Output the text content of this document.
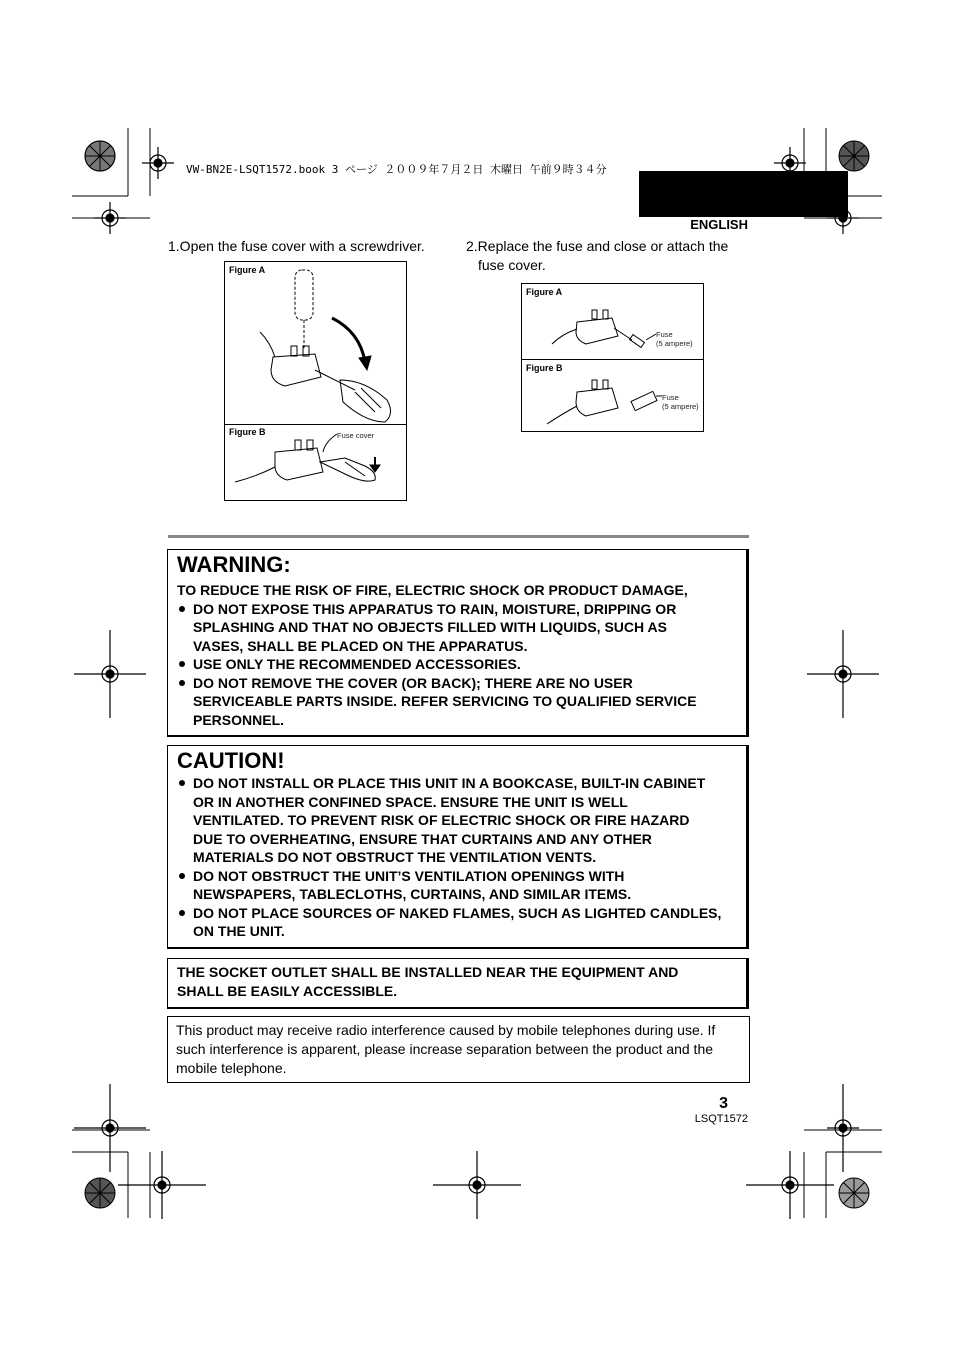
VW-BN2E-LSQT1572.book 3 ページ ２００９年７月２日 木曜日 午前９時３４分
ENGLISH
1.Open the fuse cover with a screwdriver.
Figure A
Figure B	Fuse cover
2.Replace the fuse and close or attach the
fuse cover.
Figure A
Figure B
Fuse
(5 ampere)
Fuse
(5 ampere)
WARNING:
TO REDUCE THE RISK OF FIRE, ELECTRIC SHOCK OR PRODUCT DAMAGE,
DO NOT EXPOSE THIS APPARATUS TO RAIN, MOISTURE, DRIPPING OR
SPLASHING AND THAT NO OBJECTS FILLED WITH LIQUIDS, SUCH AS
VASES, SHALL BE PLACED ON THE APPARATUS.
USE ONLY THE RECOMMENDED ACCESSORIES.
DO NOT REMOVE THE COVER (OR BACK); THERE ARE NO USER
SERVICEABLE PARTS INSIDE. REFER SERVICING TO QUALIFIED SERVICE
PERSONNEL.
CAUTION!
DO NOT INSTALL OR PLACE THIS UNIT IN A BOOKCASE, BUILT-IN CABINET
OR IN ANOTHER CONFINED SPACE. ENSURE THE UNIT IS WELL
VENTILATED. TO PREVENT RISK OF ELECTRIC SHOCK OR FIRE HAZARD
DUE TO OVERHEATING, ENSURE THAT CURTAINS AND ANY OTHER
MATERIALS DO NOT OBSTRUCT THE VENTILATION VENTS.
DO NOT OBSTRUCT THE UNIT’S VENTILATION OPENINGS WITH
NEWSPAPERS, TABLECLOTHS, CURTAINS, AND SIMILAR ITEMS.
DO NOT PLACE SOURCES OF NAKED FLAMES, SUCH AS LIGHTED CANDLES,
ON THE UNIT.
THE SOCKET OUTLET SHALL BE INSTALLED NEAR THE EQUIPMENT AND
SHALL BE EASILY ACCESSIBLE.
This product may receive radio interference caused by mobile telephones during use. If
such interference is apparent, please increase separation between the product and the
mobile telephone.
3
LSQT1572
